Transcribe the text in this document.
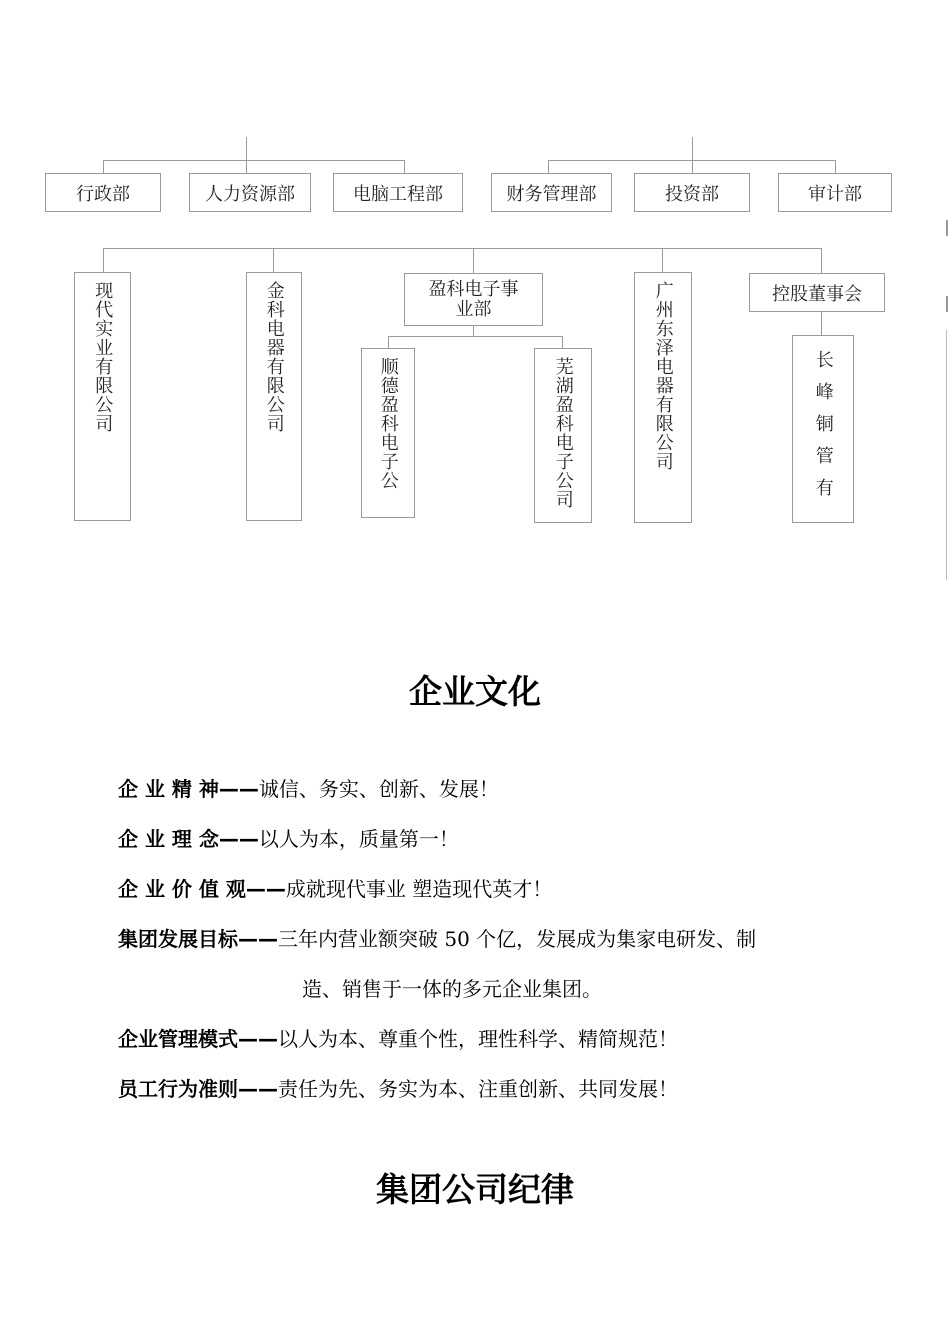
行政部	人力资源部	电脑工程部	财务管理部	投资部	审计部
现代实业有限公司	金科电器有限公司	盈科电子事
业部
顺德盈科电子公	芜湖盈科电子公司	广州东泽电器有限公司	控股董事会
长峰铜管有
企业文化
企 业 精 神——诚信、务实、创新、发展！
企 业 理 念——以人为本，质量第一！
企 业 价 值 观——成就现代事业 塑造现代英才！
集团发展目标——三年内营业额突破 50 个亿，发展成为集家电研发、制
造、销售于一体的多元企业集团。
企业管理模式——以人为本、尊重个性，理性科学、精简规范！
员工行为准则——责任为先、务实为本、注重创新、共同发展！
集团公司纪律
